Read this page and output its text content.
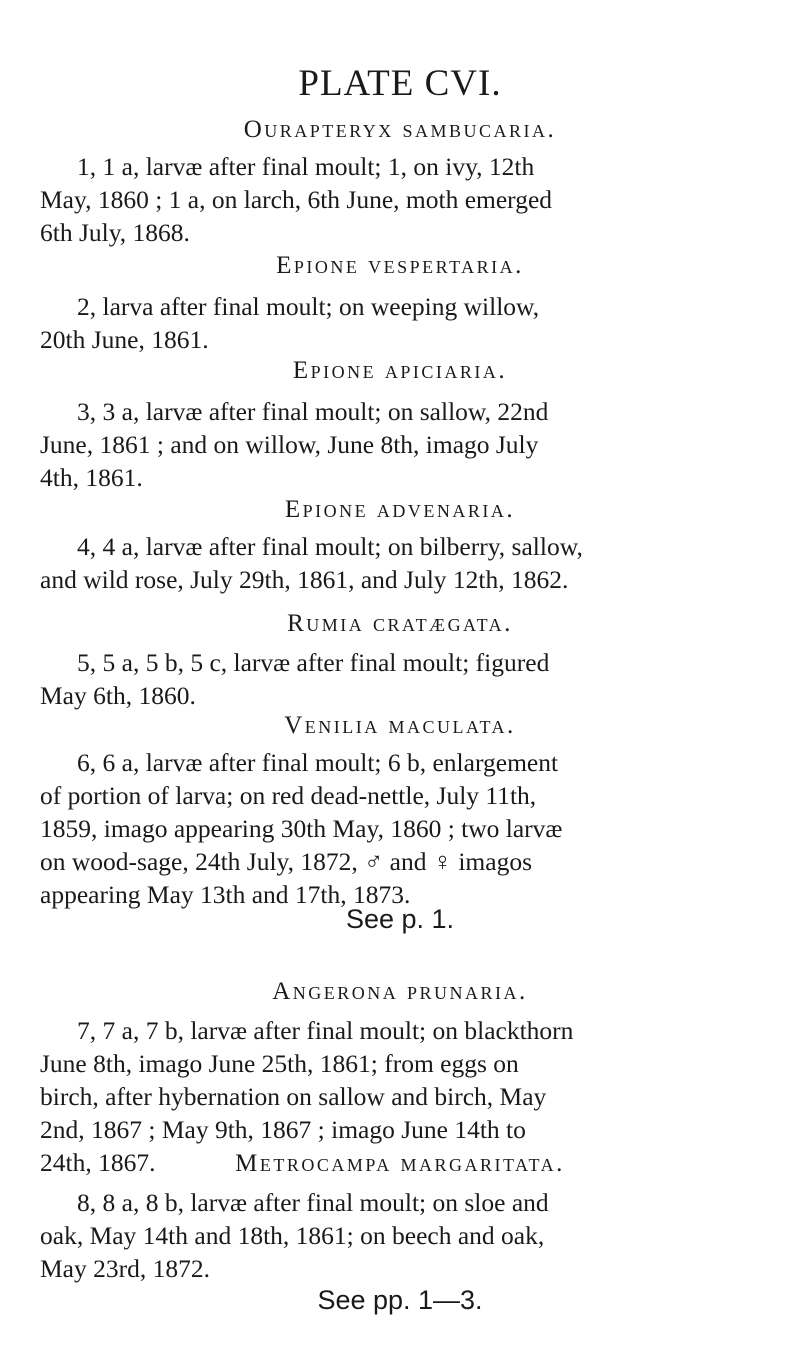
PLATE CVI.
Ourapteryx sambucaria.
1, 1 a, larvæ after final moult; 1, on ivy, 12th
May, 1860 ; 1 a, on larch, 6th June, moth emerged
6th July, 1868.
Epione vespertaria.
2, larva after final moult; on weeping willow,
20th June, 1861.
Epione apiciaria.
3, 3 a, larvæ after final moult; on sallow, 22nd
June, 1861 ; and on willow, June 8th, imago July
4th, 1861.
Epione advenaria.
4, 4 a, larvæ after final moult; on bilberry, sallow,
and wild rose, July 29th, 1861, and July 12th, 1862.
Rumia cratægata.
5, 5 a, 5 b, 5 c, larvæ after final moult; figured
May 6th, 1860.
Venilia maculata.
6, 6 a, larvæ after final moult; 6 b, enlargement
of portion of larva; on red dead-nettle, July 11th,
1859, imago appearing 30th May, 1860 ; two larvæ
on wood-sage, 24th July, 1872, ♂ and ♀ imagos
appearing May 13th and 17th, 1873.
See p. 1.
Angerona prunaria.
7, 7 a, 7 b, larvæ after final moult; on blackthorn
June 8th, imago June 25th, 1861; from eggs on
birch, after hybernation on sallow and birch, May
2nd, 1867 ; May 9th, 1867 ; imago June 14th to
24th, 1867.	Metrocampa margaritata.
8, 8 a, 8 b, larvæ after final moult; on sloe and
oak, May 14th and 18th, 1861; on beech and oak,
May 23rd, 1872.
See pp. 1—3.
